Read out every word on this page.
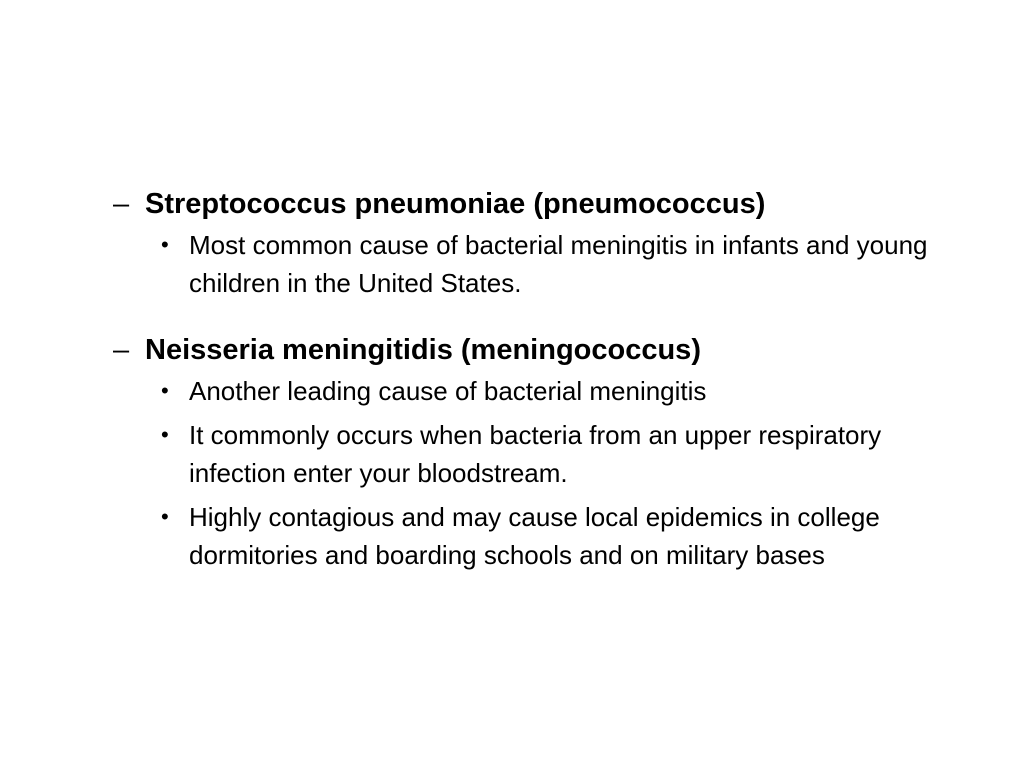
– Streptococcus pneumoniae (pneumococcus)
• Most common cause of bacterial meningitis in infants and young children in the United States.
– Neisseria meningitidis (meningococcus)
• Another leading cause of bacterial meningitis
• It commonly occurs when bacteria from an upper respiratory infection enter your bloodstream.
• Highly contagious and may cause local epidemics in college dormitories and boarding schools and on military bases
